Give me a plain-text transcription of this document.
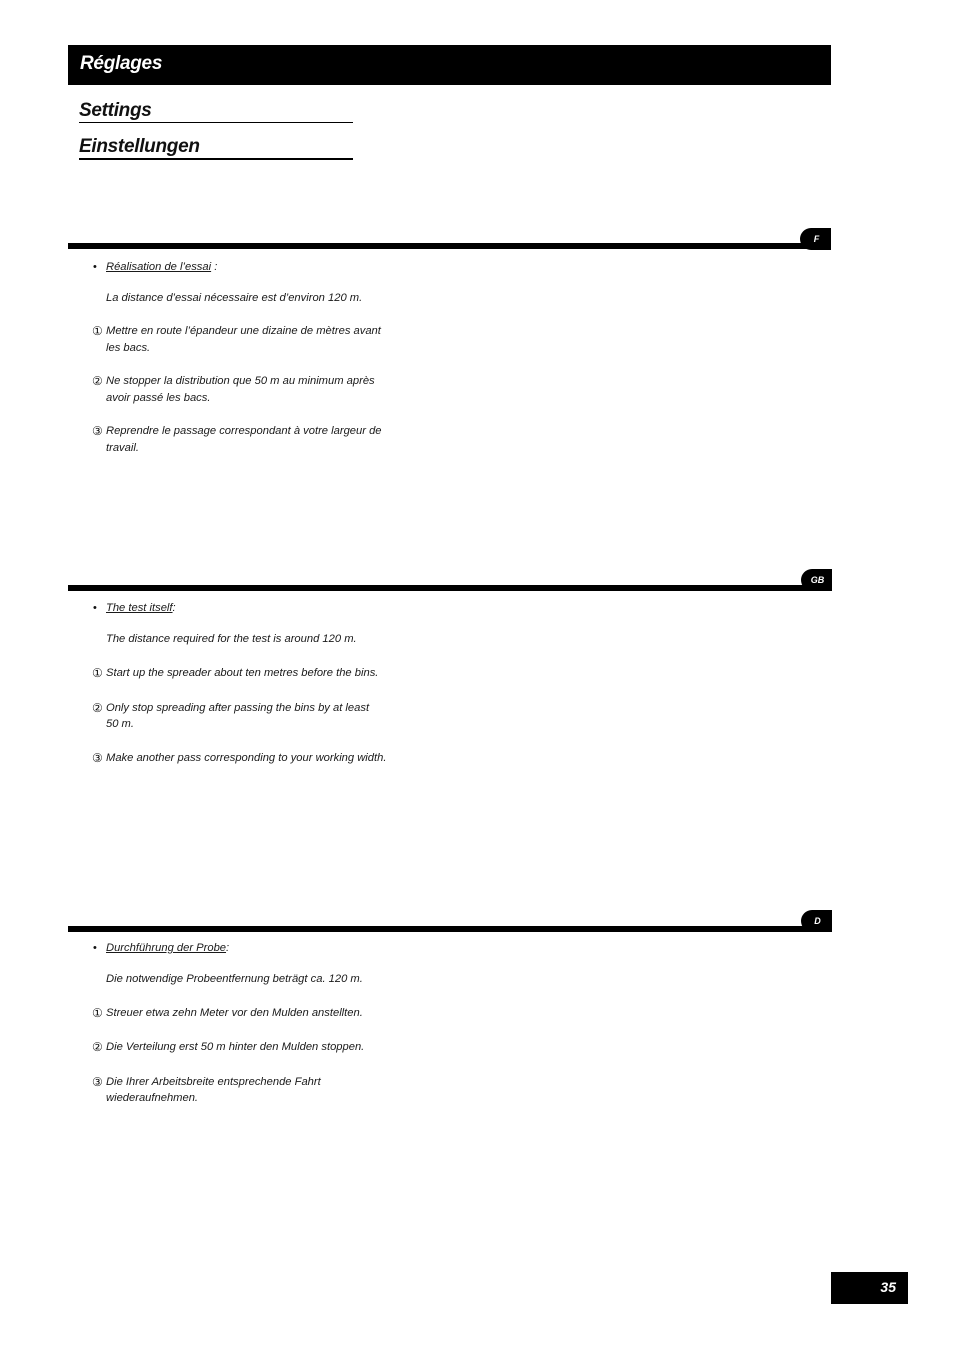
Réglages
Settings
Einstellungen
F
• Réalisation de l’essai :
La distance d’essai nécessaire est d’environ 120 m.
① Mettre en route l’épandeur une dizaine de mètres avant
les bacs.
② Ne stopper la distribution que 50 m au minimum après
avoir passé les bacs.
③ Reprendre le passage correspondant à votre largeur de
travail.
GB
• The test itself:
The distance required for the test is around 120 m.
① Start up the spreader about ten metres before the bins.
② Only stop spreading after passing the bins by at least
50 m.
③ Make another pass corresponding to your working width.
D
• Durchführung der Probe:
Die notwendige Probeentfernung beträgt ca. 120 m.
① Streuer etwa zehn Meter vor den Mulden anstellten.
② Die Verteilung erst 50 m hinter den Mulden stoppen.
③ Die Ihrer Arbeitsbreite entsprechende Fahrt
wiederaufnehmen.
35
